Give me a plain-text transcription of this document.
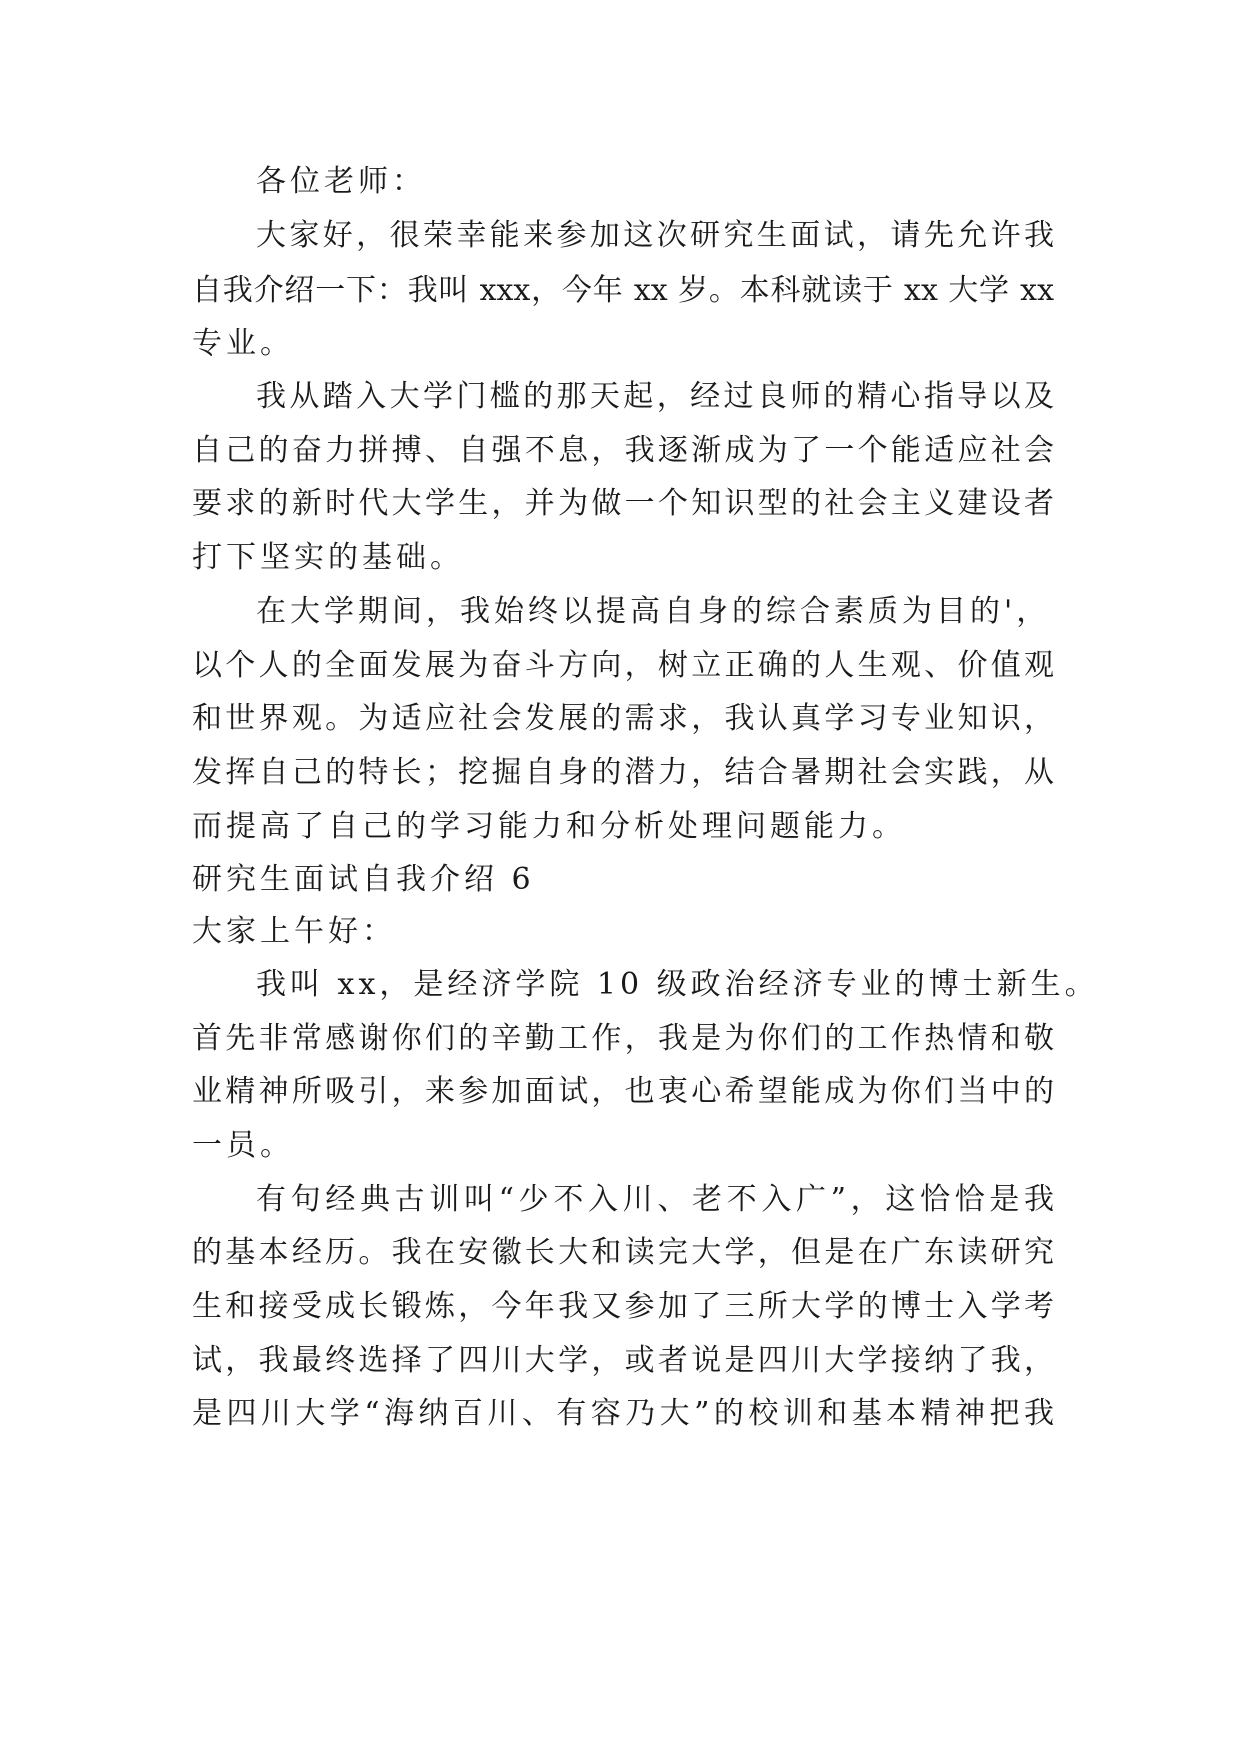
各位老师：
大家好，很荣幸能来参加这次研究生面试，请先允许我
自我介绍一下：我叫 xxx，今年 xx 岁。本科就读于 xx 大学 xx
专业。
我从踏入大学门槛的那天起，经过良师的精心指导以及
自己的奋力拼搏、自强不息，我逐渐成为了一个能适应社会
要求的新时代大学生，并为做一个知识型的社会主义建设者
打下坚实的基础。
在大学期间，我始终以提高自身的综合素质为目的'，
以个人的全面发展为奋斗方向，树立正确的人生观、价值观
和世界观。为适应社会发展的需求，我认真学习专业知识，
发挥自己的特长；挖掘自身的潜力，结合暑期社会实践，从
而提高了自己的学习能力和分析处理问题能力。
研究生面试自我介绍 6
大家上午好：
我叫 xx，是经济学院 10 级政治经济专业的博士新生。
首先非常感谢你们的辛勤工作，我是为你们的工作热情和敬
业精神所吸引，来参加面试，也衷心希望能成为你们当中的
一员。
有句经典古训叫“少不入川、老不入广”，这恰恰是我
的基本经历。我在安徽长大和读完大学，但是在广东读研究
生和接受成长锻炼，今年我又参加了三所大学的博士入学考
试，我最终选择了四川大学，或者说是四川大学接纳了我，
是四川大学“海纳百川、有容乃大”的校训和基本精神把我
